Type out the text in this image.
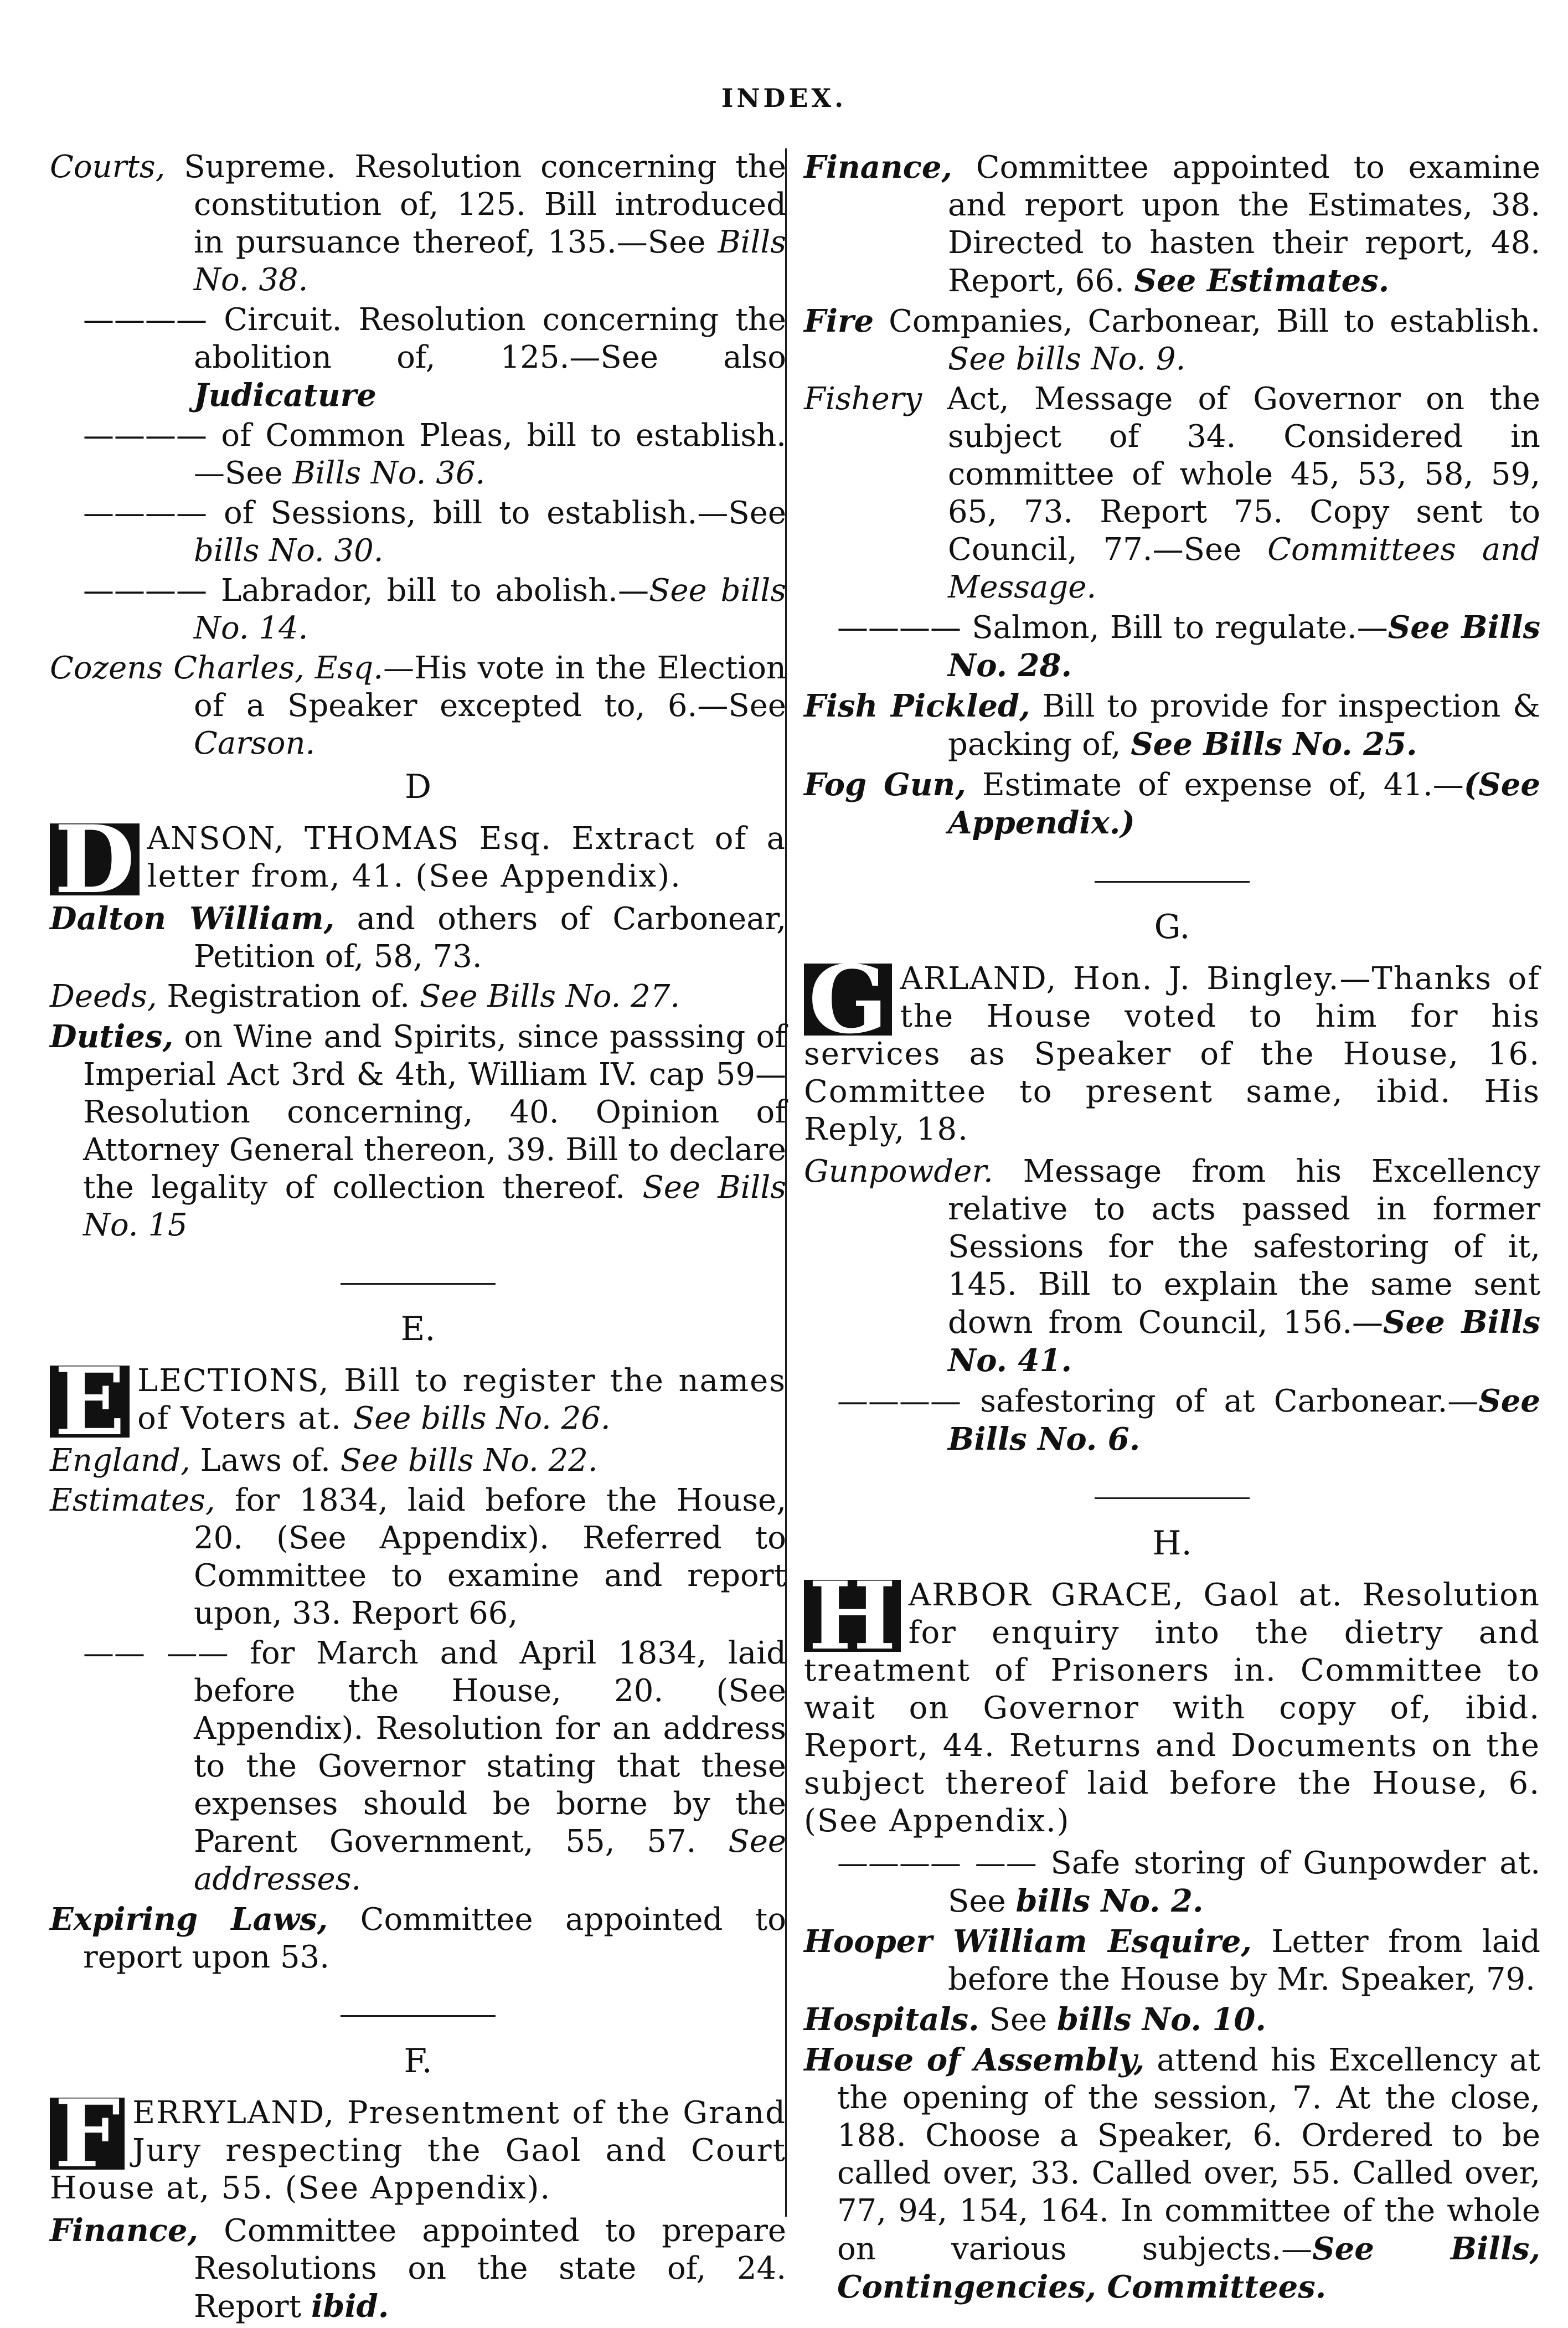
INDEX.

Courts, Supreme. Resolution concerning the constitution of, 125. Bill introduced in pursuance thereof, 135.—See Bills No. 38.

———— Circuit. Resolution concerning the abolition of, 125.—See also Judicature

———— of Common Pleas, bill to establish.—See Bills No. 36.

———— of Sessions, bill to establish.—See bills No. 30.

———— Labrador, bill to abolish.—See bills No. 14.

Cozens Charles, Esq.—His vote in the Election of a Speaker excepted to, 6.—See Carson.

D
D ANSON, THOMAS Esq. Extract of a letter from, 41. (See Appendix).

Dalton William, and others of Carbonear, Petition of, 58, 73.

Deeds, Registration of. See Bills No. 27.

Duties, on Wine and Spirits, since passsing of Imperial Act 3rd & 4th, William IV. cap 59—Resolution concerning, 40. Opinion of Attorney General thereon, 39. Bill to declare the legality of collection thereof. See Bills No. 15

E.
E LECTIONS, Bill to register the names of Voters at. See bills No. 26.

England, Laws of. See bills No. 22.

Estimates, for 1834, laid before the House, 20. (See Appendix). Referred to Committee to examine and report upon, 33. Report 66,

—— —— for March and April 1834, laid before the House, 20. (See Appendix). Resolution for an address to the Governor stating that these expenses should be borne by the Parent Government, 55, 57. See addresses.

Expiring Laws, Committee appointed to report upon 53.

F.
F ERRYLAND, Presentment of the Grand Jury respecting the Gaol and Court House at, 55. (See Appendix).

Finance, Committee appointed to prepare Resolutions on the state of, 24. Report ibid.

Finance, Committee appointed to examine and report upon the Estimates, 38. Directed to hasten their report, 48. Report, 66. See Estimates.

Fire Companies, Carbonear, Bill to establish. See bills No. 9.

Fishery Act, Message of Governor on the subject of 34. Considered in committee of whole 45, 53, 58, 59, 65, 73. Report 75. Copy sent to Council, 77.—See Committees and Message.

———— Salmon, Bill to regulate.—See Bills No. 28.

Fish Pickled, Bill to provide for inspection & packing of, See Bills No. 25.

Fog Gun, Estimate of expense of, 41.—(See Appendix.)

G.
G ARLAND, Hon. J. Bingley.—Thanks of the House voted to him for his services as Speaker of the House, 16. Committee to present same, ibid. His Reply, 18.

Gunpowder. Message from his Excellency relative to acts passed in former Sessions for the safestoring of it, 145. Bill to explain the same sent down from Council, 156.—See Bills No. 41.

———— safestoring of at Carbonear.—See Bills No. 6.

H.
H ARBOR GRACE, Gaol at. Resolution for enquiry into the dietry and treatment of Prisoners in. Committee to wait on Governor with copy of, ibid. Report, 44. Returns and Documents on the subject thereof laid before the House, 6. (See Appendix.)

———— —— Safe storing of Gunpowder at. See bills No. 2.

Hooper William Esquire, Letter from laid before the House by Mr. Speaker, 79.

Hospitals. See bills No. 10.

House of Assembly, attend his Excellency at the opening of the session, 7. At the close, 188. Choose a Speaker, 6. Ordered to be called over, 33. Called over, 55. Called over, 77, 94, 154, 164. In committee of the whole on various subjects.—See Bills, Contingencies, Committees.
